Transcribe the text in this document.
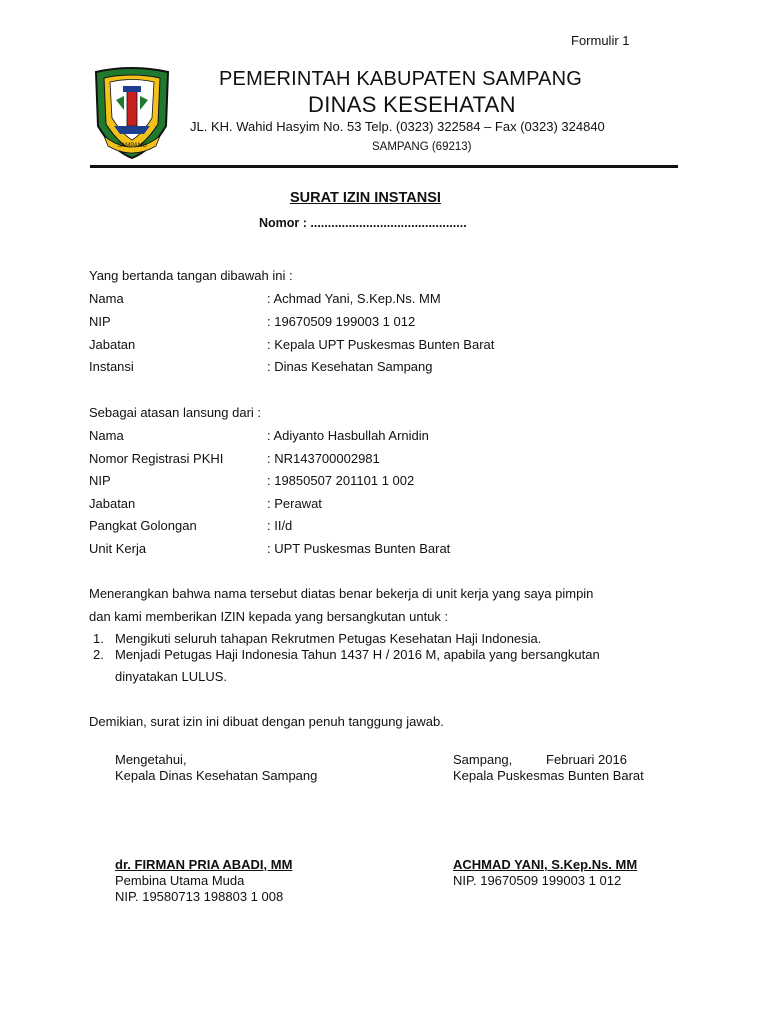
Formulir 1
SAMPANG
PEMERINTAH KABUPATEN SAMPANG
DINAS KESEHATAN
JL. KH. Wahid Hasyim No. 53 Telp. (0323) 322584 – Fax (0323) 324840
SAMPANG (69213)
SURAT IZIN INSTANSI
Nomor : .............................................
Yang bertanda tangan dibawah ini :
Nama	: Achmad Yani, S.Kep.Ns. MM
NIP	: 19670509 199003 1 012
Jabatan	: Kepala UPT Puskesmas Bunten Barat
Instansi	: Dinas Kesehatan Sampang
Sebagai atasan lansung dari :
Nama	: Adiyanto Hasbullah Arnidin
Nomor Registrasi PKHI	: NR143700002981
NIP	: 19850507 201101 1 002
Jabatan	: Perawat
Pangkat Golongan	: II/d
Unit Kerja	: UPT Puskesmas Bunten Barat
Menerangkan bahwa nama tersebut diatas benar bekerja di unit kerja yang saya pimpin
dan kami memberikan IZIN kepada yang bersangkutan untuk :
1. Mengikuti seluruh tahapan Rekrutmen Petugas Kesehatan Haji Indonesia.
2. Menjadi Petugas Haji Indonesia Tahun 1437 H / 2016 M, apabila yang bersangkutan
dinyatakan LULUS.
Demikian, surat izin ini dibuat dengan penuh tanggung jawab.
Mengetahui,
Kepala Dinas Kesehatan Sampang
dr. FIRMAN PRIA ABADI, MM
Pembina Utama Muda
NIP. 19580713 198803 1 008
Sampang,	Februari 2016
Kepala Puskesmas Bunten Barat
ACHMAD YANI, S.Kep.Ns. MM
NIP. 19670509 199003 1 012
